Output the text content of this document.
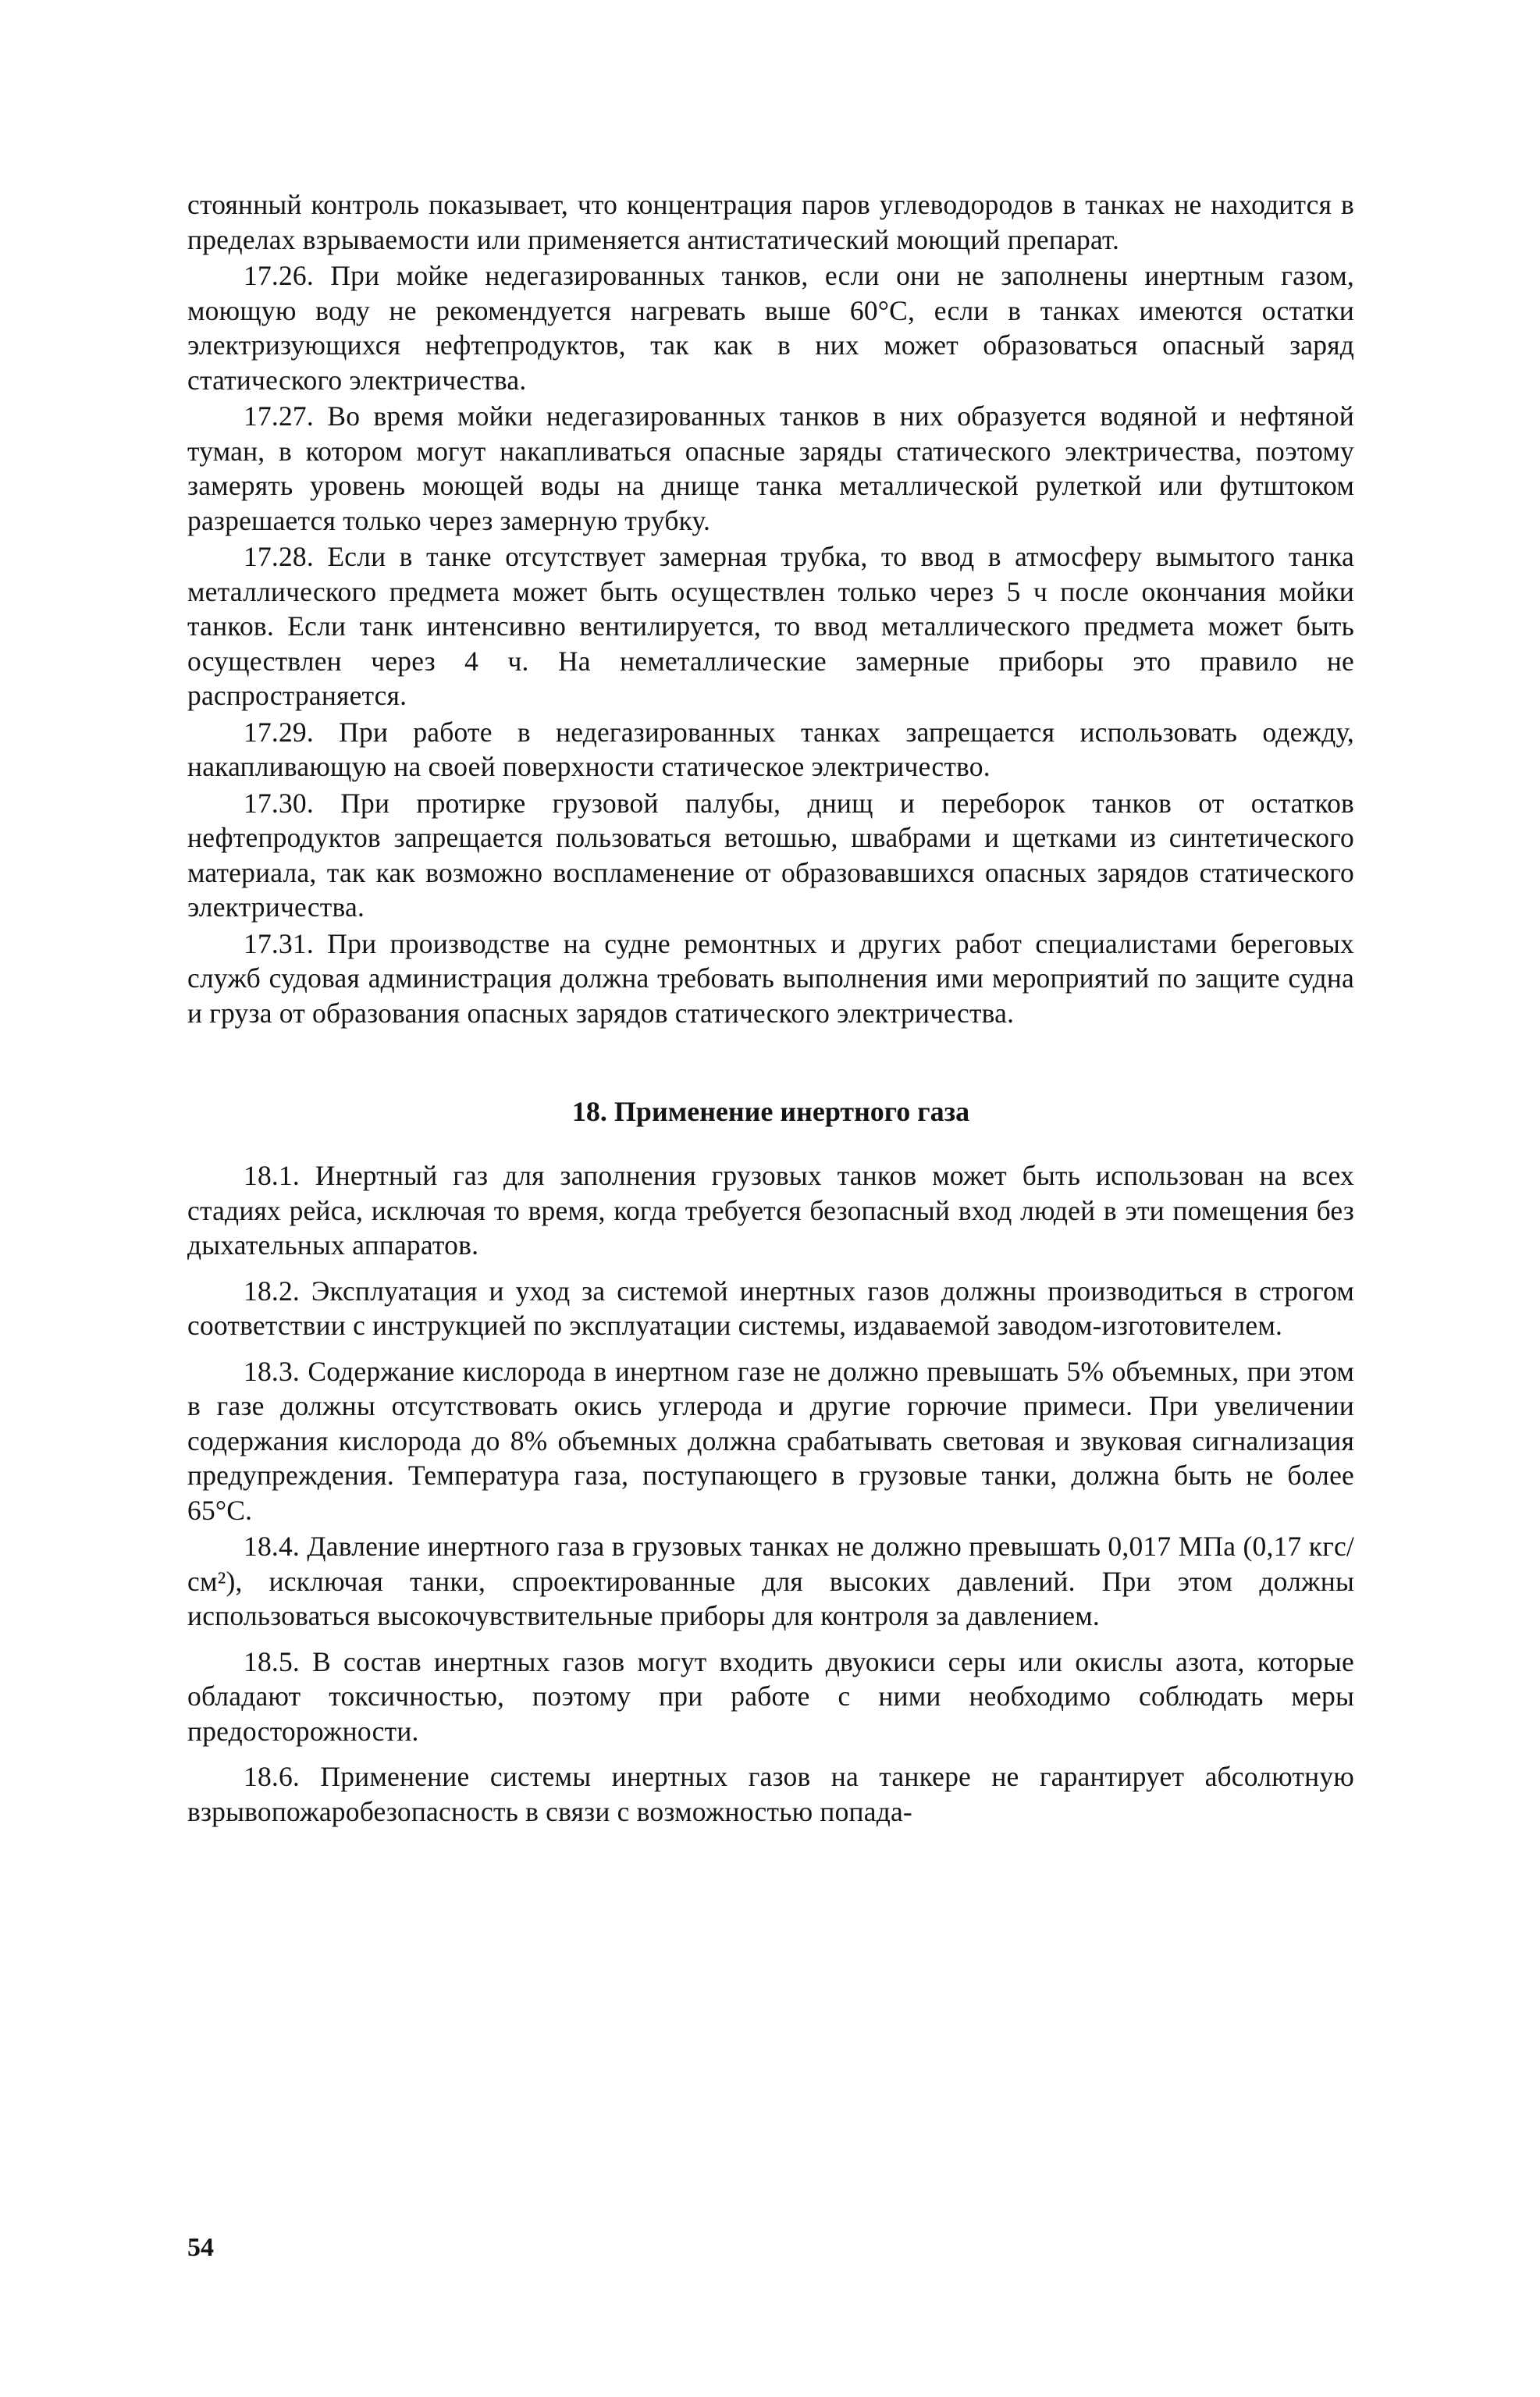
стоянный контроль показывает, что концентрация паров углеводородов в танках не находится в пределах взрываемости или применяется антистатический моющий препарат.

17.26. При мойке недегазированных танков, если они не заполнены инертным газом, моющую воду не рекомендуется нагревать выше 60°С, если в танках имеются остатки электризующихся нефтепродуктов, так как в них может образоваться опасный заряд статического электричества.

17.27. Во время мойки недегазированных танков в них образуется водяной и нефтяной туман, в котором могут накапливаться опасные заряды статического электричества, поэтому замерять уровень моющей воды на днище танка металлической рулеткой или футштоком разрешается только через замерную трубку.

17.28. Если в танке отсутствует замерная трубка, то ввод в атмосферу вымытого танка металлического предмета может быть осуществлен только через 5 ч после окончания мойки танков. Если танк интенсивно вентилируется, то ввод металлического предмета может быть осуществлен через 4 ч. На неметаллические замерные приборы это правило не распространяется.

17.29. При работе в недегазированных танках запрещается использовать одежду, накапливающую на своей поверхности статическое электричество.

17.30. При протирке грузовой палубы, днищ и переборок танков от остатков нефтепродуктов запрещается пользоваться ветошью, швабрами и щетками из синтетического материала, так как возможно воспламенение от образовавшихся опасных зарядов статического электричества.

17.31. При производстве на судне ремонтных и других работ специалистами береговых служб судовая администрация должна требовать выполнения ими мероприятий по защите судна и груза от образования опасных зарядов статического электричества.

18. Применение инертного газа

18.1. Инертный газ для заполнения грузовых танков может быть использован на всех стадиях рейса, исключая то время, когда требуется безопасный вход людей в эти помещения без дыхательных аппаратов.

18.2. Эксплуатация и уход за системой инертных газов должны производиться в строгом соответствии с инструкцией по эксплуатации системы, издаваемой заводом-изготовителем.

18.3. Содержание кислорода в инертном газе не должно превышать 5% объемных, при этом в газе должны отсутствовать окись углерода и другие горючие примеси. При увеличении содержания кислорода до 8% объемных должна срабатывать световая и звуковая сигнализация предупреждения. Температура газа, поступающего в грузовые танки, должна быть не более 65°С.

18.4. Давление инертного газа в грузовых танках не должно превышать 0,017 МПа (0,17 кгс/см²), исключая танки, спроектированные для высоких давлений. При этом должны использоваться высокочувствительные приборы для контроля за давлением.

18.5. В состав инертных газов могут входить двуокиси серы или окислы азота, которые обладают токсичностью, поэтому при работе с ними необходимо соблюдать меры предосторожности.

18.6. Применение системы инертных газов на танкере не гарантирует абсолютную взрывопожаробезопасность в связи с возможностью попада-

54
